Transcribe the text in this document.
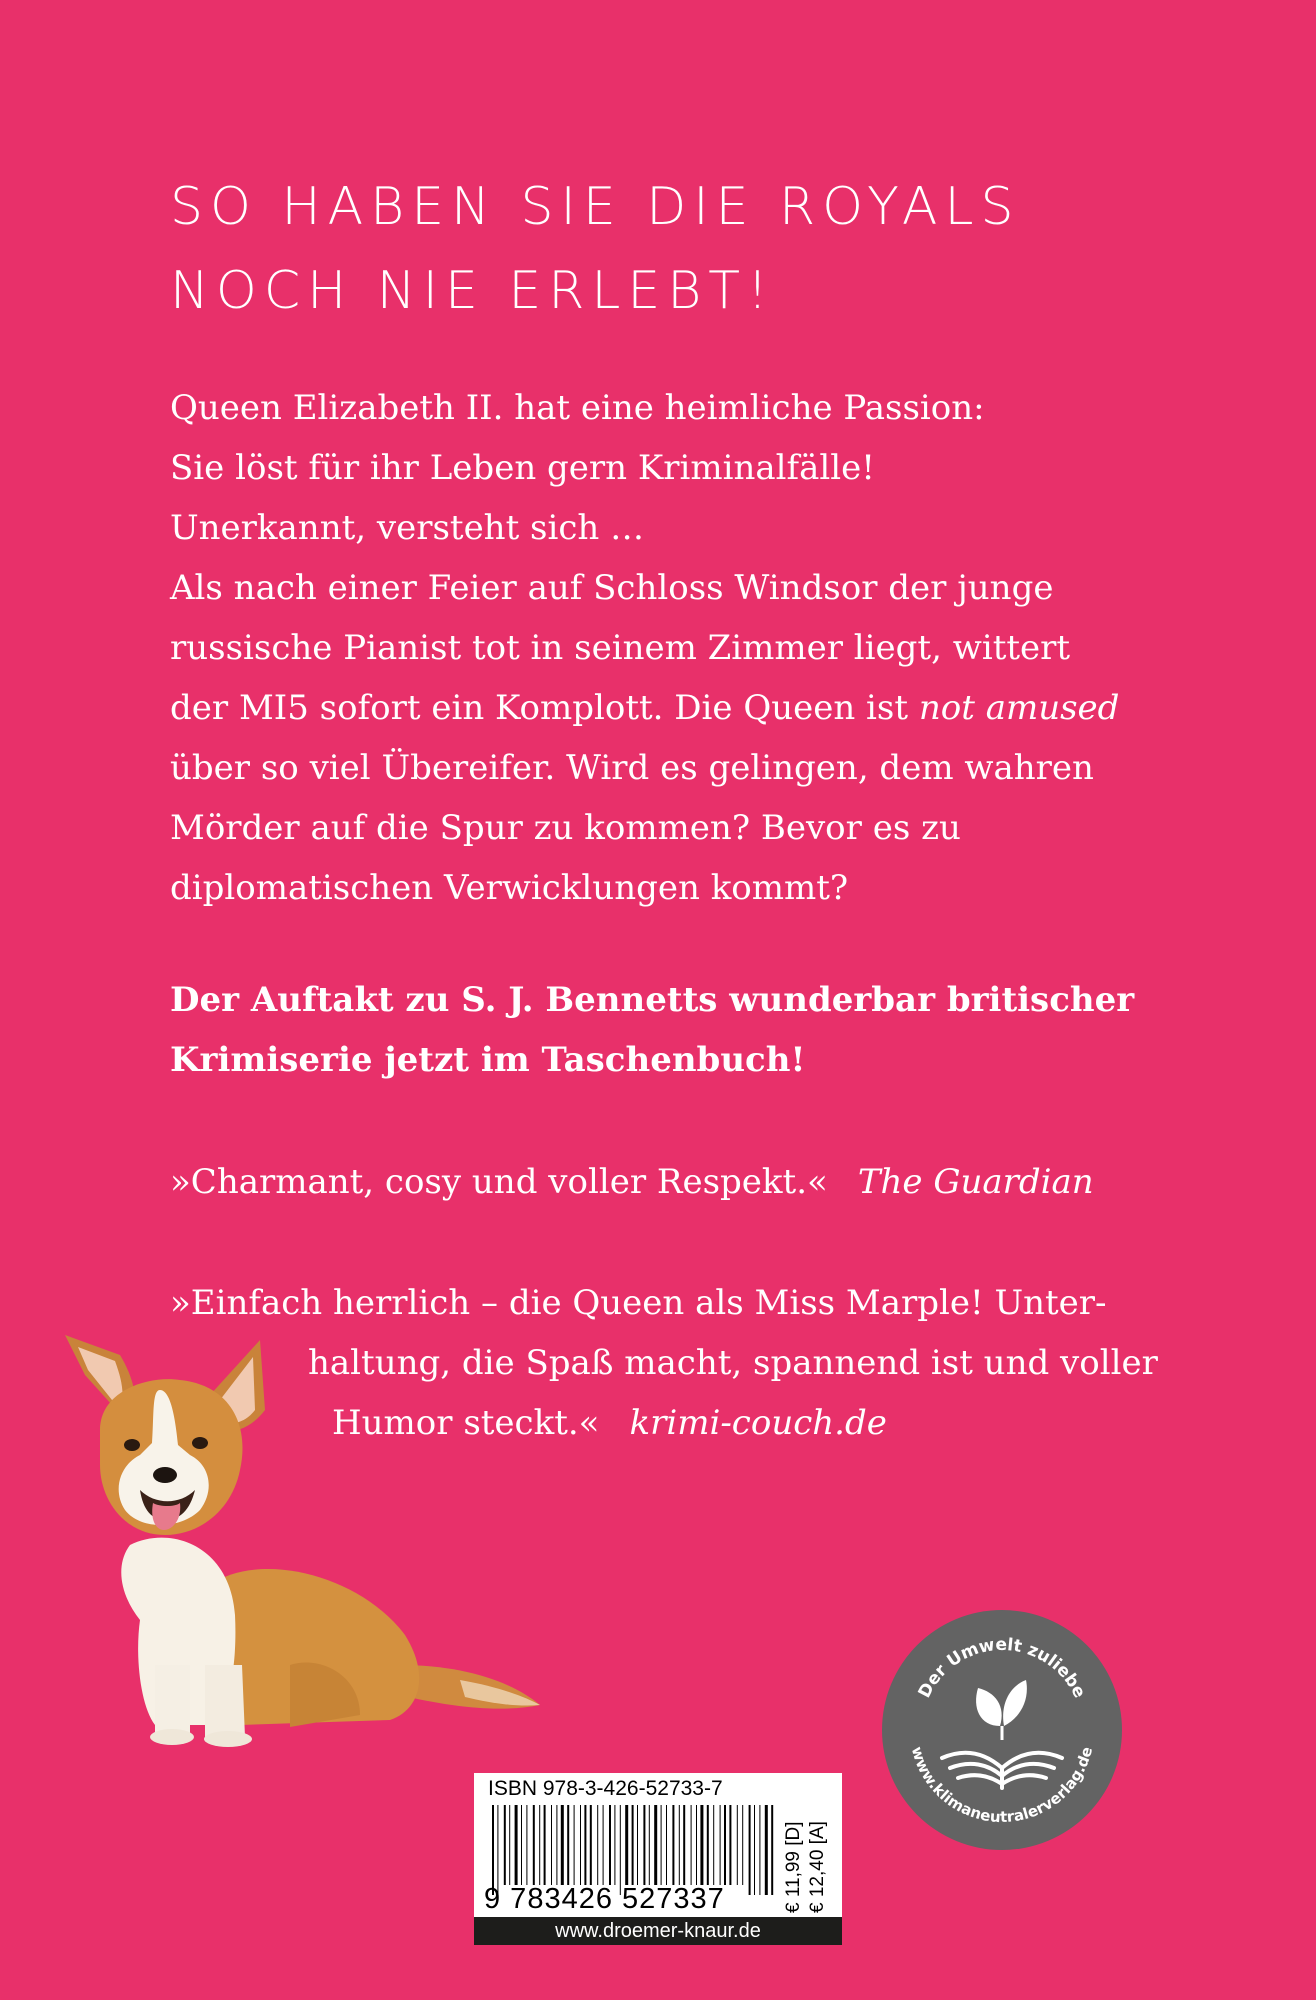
SO HABEN SIE DIE ROYALS
NOCH NIE ERLEBT!
Queen Elizabeth II. hat eine heimliche Passion:
Sie löst für ihr Leben gern Kriminalfälle!
Unerkannt, versteht sich …
Als nach einer Feier auf Schloss Windsor der junge
russische Pianist tot in seinem Zimmer liegt, wittert
der MI5 sofort ein Komplott. Die Queen ist not amused
über so viel Übereifer. Wird es gelingen, dem wahren
Mörder auf die Spur zu kommen? Bevor es zu
diplomatischen Verwicklungen kommt?
Der Auftakt zu S. J. Bennetts wunderbar britischer
Krimiserie jetzt im Taschenbuch!
»Charmant, cosy und voller Respekt.« The Guardian
»Einfach herrlich – die Queen als Miss Marple! Unter-
haltung, die Spaß macht, spannend ist und voller
Humor steckt.« krimi-couch.de
Der Umwelt zuliebe
www.klimaneutralerverlag.de
ISBN 978-3-426-52733-7
9 783426 527337	€ 11,99 [D] € 12,40 [A]
www.droemer-knaur.de
